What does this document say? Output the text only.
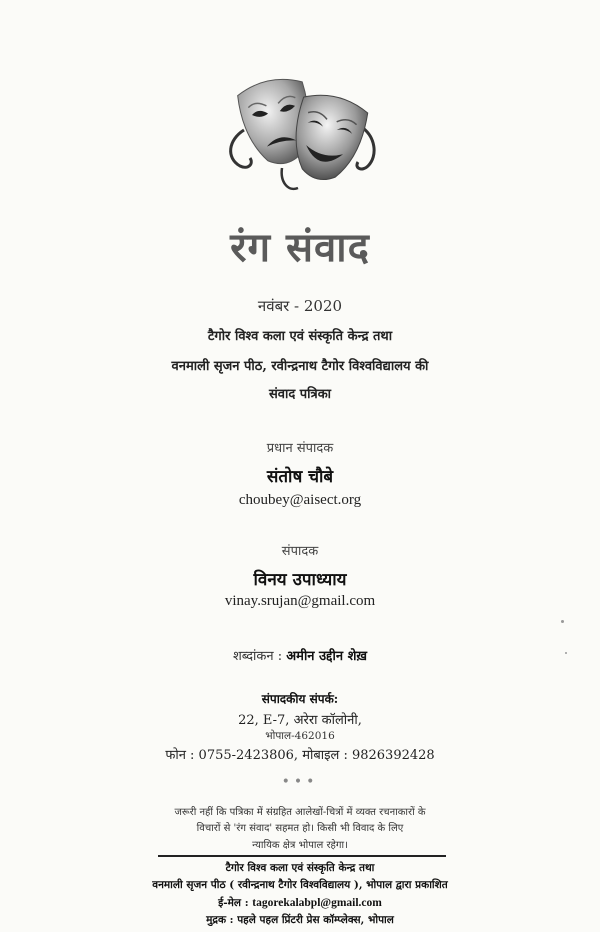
रंग संवाद
नवंबर - 2020
टैगोर विश्व कला एवं संस्कृति केन्द्र तथा
वनमाली सृजन पीठ, रवीन्द्रनाथ टैगोर विश्वविद्यालय की
संवाद पत्रिका
प्रधान संपादक
संतोष चौबे
choubey@aisect.org
संपादक
विनय उपाध्याय
vinay.srujan@gmail.com
शब्दांकन : अमीन उद्दीन शेख़
संपादकीय संपर्क:
22, E-7, अरेरा कॉलोनी,
भोपाल-462016
फोन : 0755-2423806, मोबाइल : 9826392428
•••
जरूरी नहीं कि पत्रिका में संग्रहित आलेखों-चित्रों में व्यक्त रचनाकारों के
विचारों से 'रंग संवाद' सहमत हो। किसी भी विवाद के लिए
न्यायिक क्षेत्र भोपाल रहेगा।
टैगोर विश्व कला एवं संस्कृति केन्द्र तथा
वनमाली सृजन पीठ ( रवीन्द्रनाथ टैगोर विश्वविद्यालय ), भोपाल द्वारा प्रकाशित
ई-मेल : tagorekalabpl@gmail.com
मुद्रक : पहले पहल प्रिंटरी प्रेस कॉम्प्लेक्स, भोपाल
